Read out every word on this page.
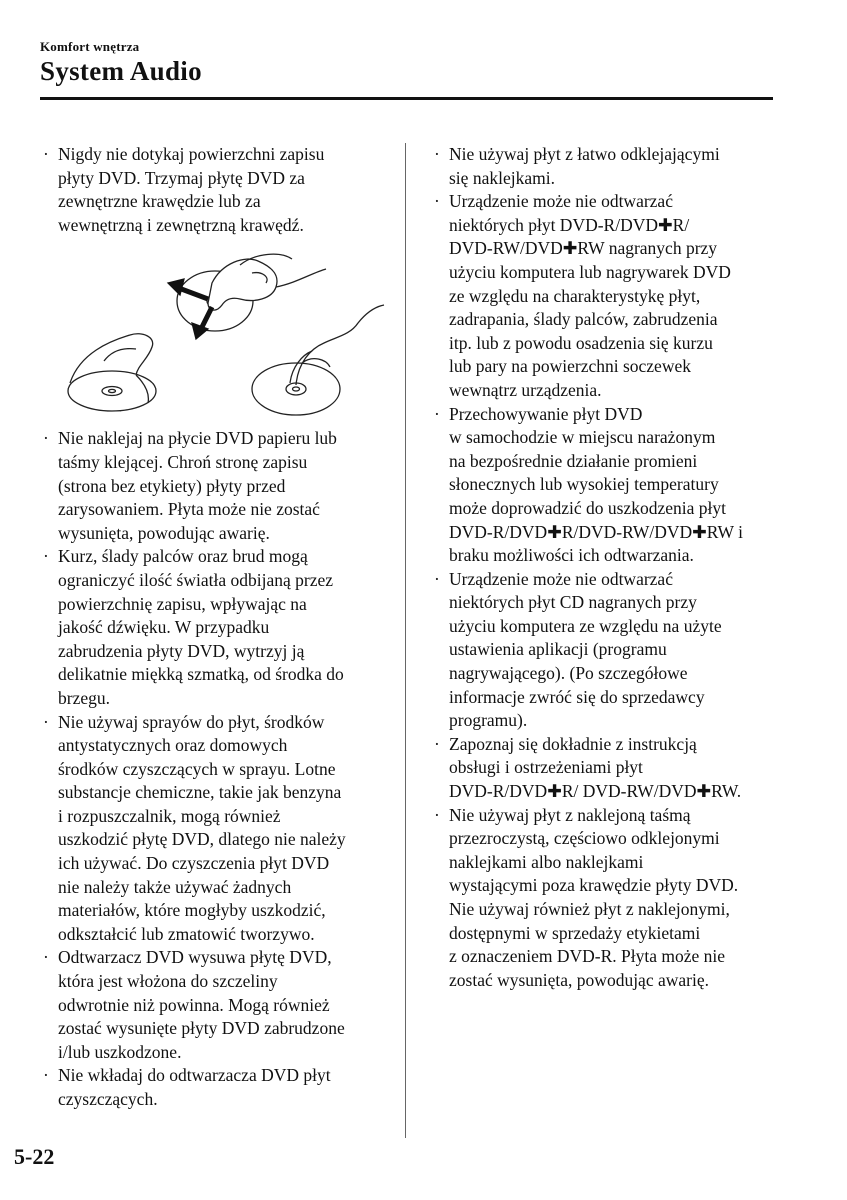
Komfort wnętrza
System Audio
· Nigdy nie dotykaj powierzchni zapisu
płyty DVD. Trzymaj płytę DVD za
zewnętrzne krawędzie lub za
wewnętrzną i zewnętrzną krawędź.
· Nie naklejaj na płycie DVD papieru lub
taśmy klejącej. Chroń stronę zapisu
(strona bez etykiety) płyty przed
zarysowaniem. Płyta może nie zostać
wysunięta, powodując awarię.
· Kurz, ślady palców oraz brud mogą
ograniczyć ilość światła odbijaną przez
powierzchnię zapisu, wpływając na
jakość dźwięku. W przypadku
zabrudzenia płyty DVD, wytrzyj ją
delikatnie miękką szmatką, od środka do
brzegu.
· Nie używaj sprayów do płyt, środków
antystatycznych oraz domowych
środków czyszczących w sprayu. Lotne
substancje chemiczne, takie jak benzyna
i rozpuszczalnik, mogą również
uszkodzić płytę DVD, dlatego nie należy
ich używać. Do czyszczenia płyt DVD
nie należy także używać żadnych
materiałów, które mogłyby uszkodzić,
odkształcić lub zmatowić tworzywo.
· Odtwarzacz DVD wysuwa płytę DVD,
która jest włożona do szczeliny
odwrotnie niż powinna. Mogą również
zostać wysunięte płyty DVD zabrudzone
i/lub uszkodzone.
· Nie wkładaj do odtwarzacza DVD płyt
czyszczących.
· Nie używaj płyt z łatwo odklejającymi
się naklejkami.
· Urządzenie może nie odtwarzać
niektórych płyt DVD-R/DVD✚R/
DVD-RW/DVD✚RW nagranych przy
użyciu komputera lub nagrywarek DVD
ze względu na charakterystykę płyt,
zadrapania, ślady palców, zabrudzenia
itp. lub z powodu osadzenia się kurzu
lub pary na powierzchni soczewek
wewnątrz urządzenia.
· Przechowywanie płyt DVD
w samochodzie w miejscu narażonym
na bezpośrednie działanie promieni
słonecznych lub wysokiej temperatury
może doprowadzić do uszkodzenia płyt
DVD-R/DVD✚R/DVD-RW/DVD✚RW i
braku możliwości ich odtwarzania.
· Urządzenie może nie odtwarzać
niektórych płyt CD nagranych przy
użyciu komputera ze względu na użyte
ustawienia aplikacji (programu
nagrywającego). (Po szczegółowe
informacje zwróć się do sprzedawcy
programu).
· Zapoznaj się dokładnie z instrukcją
obsługi i ostrzeżeniami płyt
DVD-R/DVD✚R/ DVD-RW/DVD✚RW.
· Nie używaj płyt z naklejoną taśmą
przezroczystą, częściowo odklejonymi
naklejkami albo naklejkami
wystającymi poza krawędzie płyty DVD.
Nie używaj również płyt z naklejonymi,
dostępnymi w sprzedaży etykietami
z oznaczeniem DVD-R. Płyta może nie
zostać wysunięta, powodując awarię.
5-22
